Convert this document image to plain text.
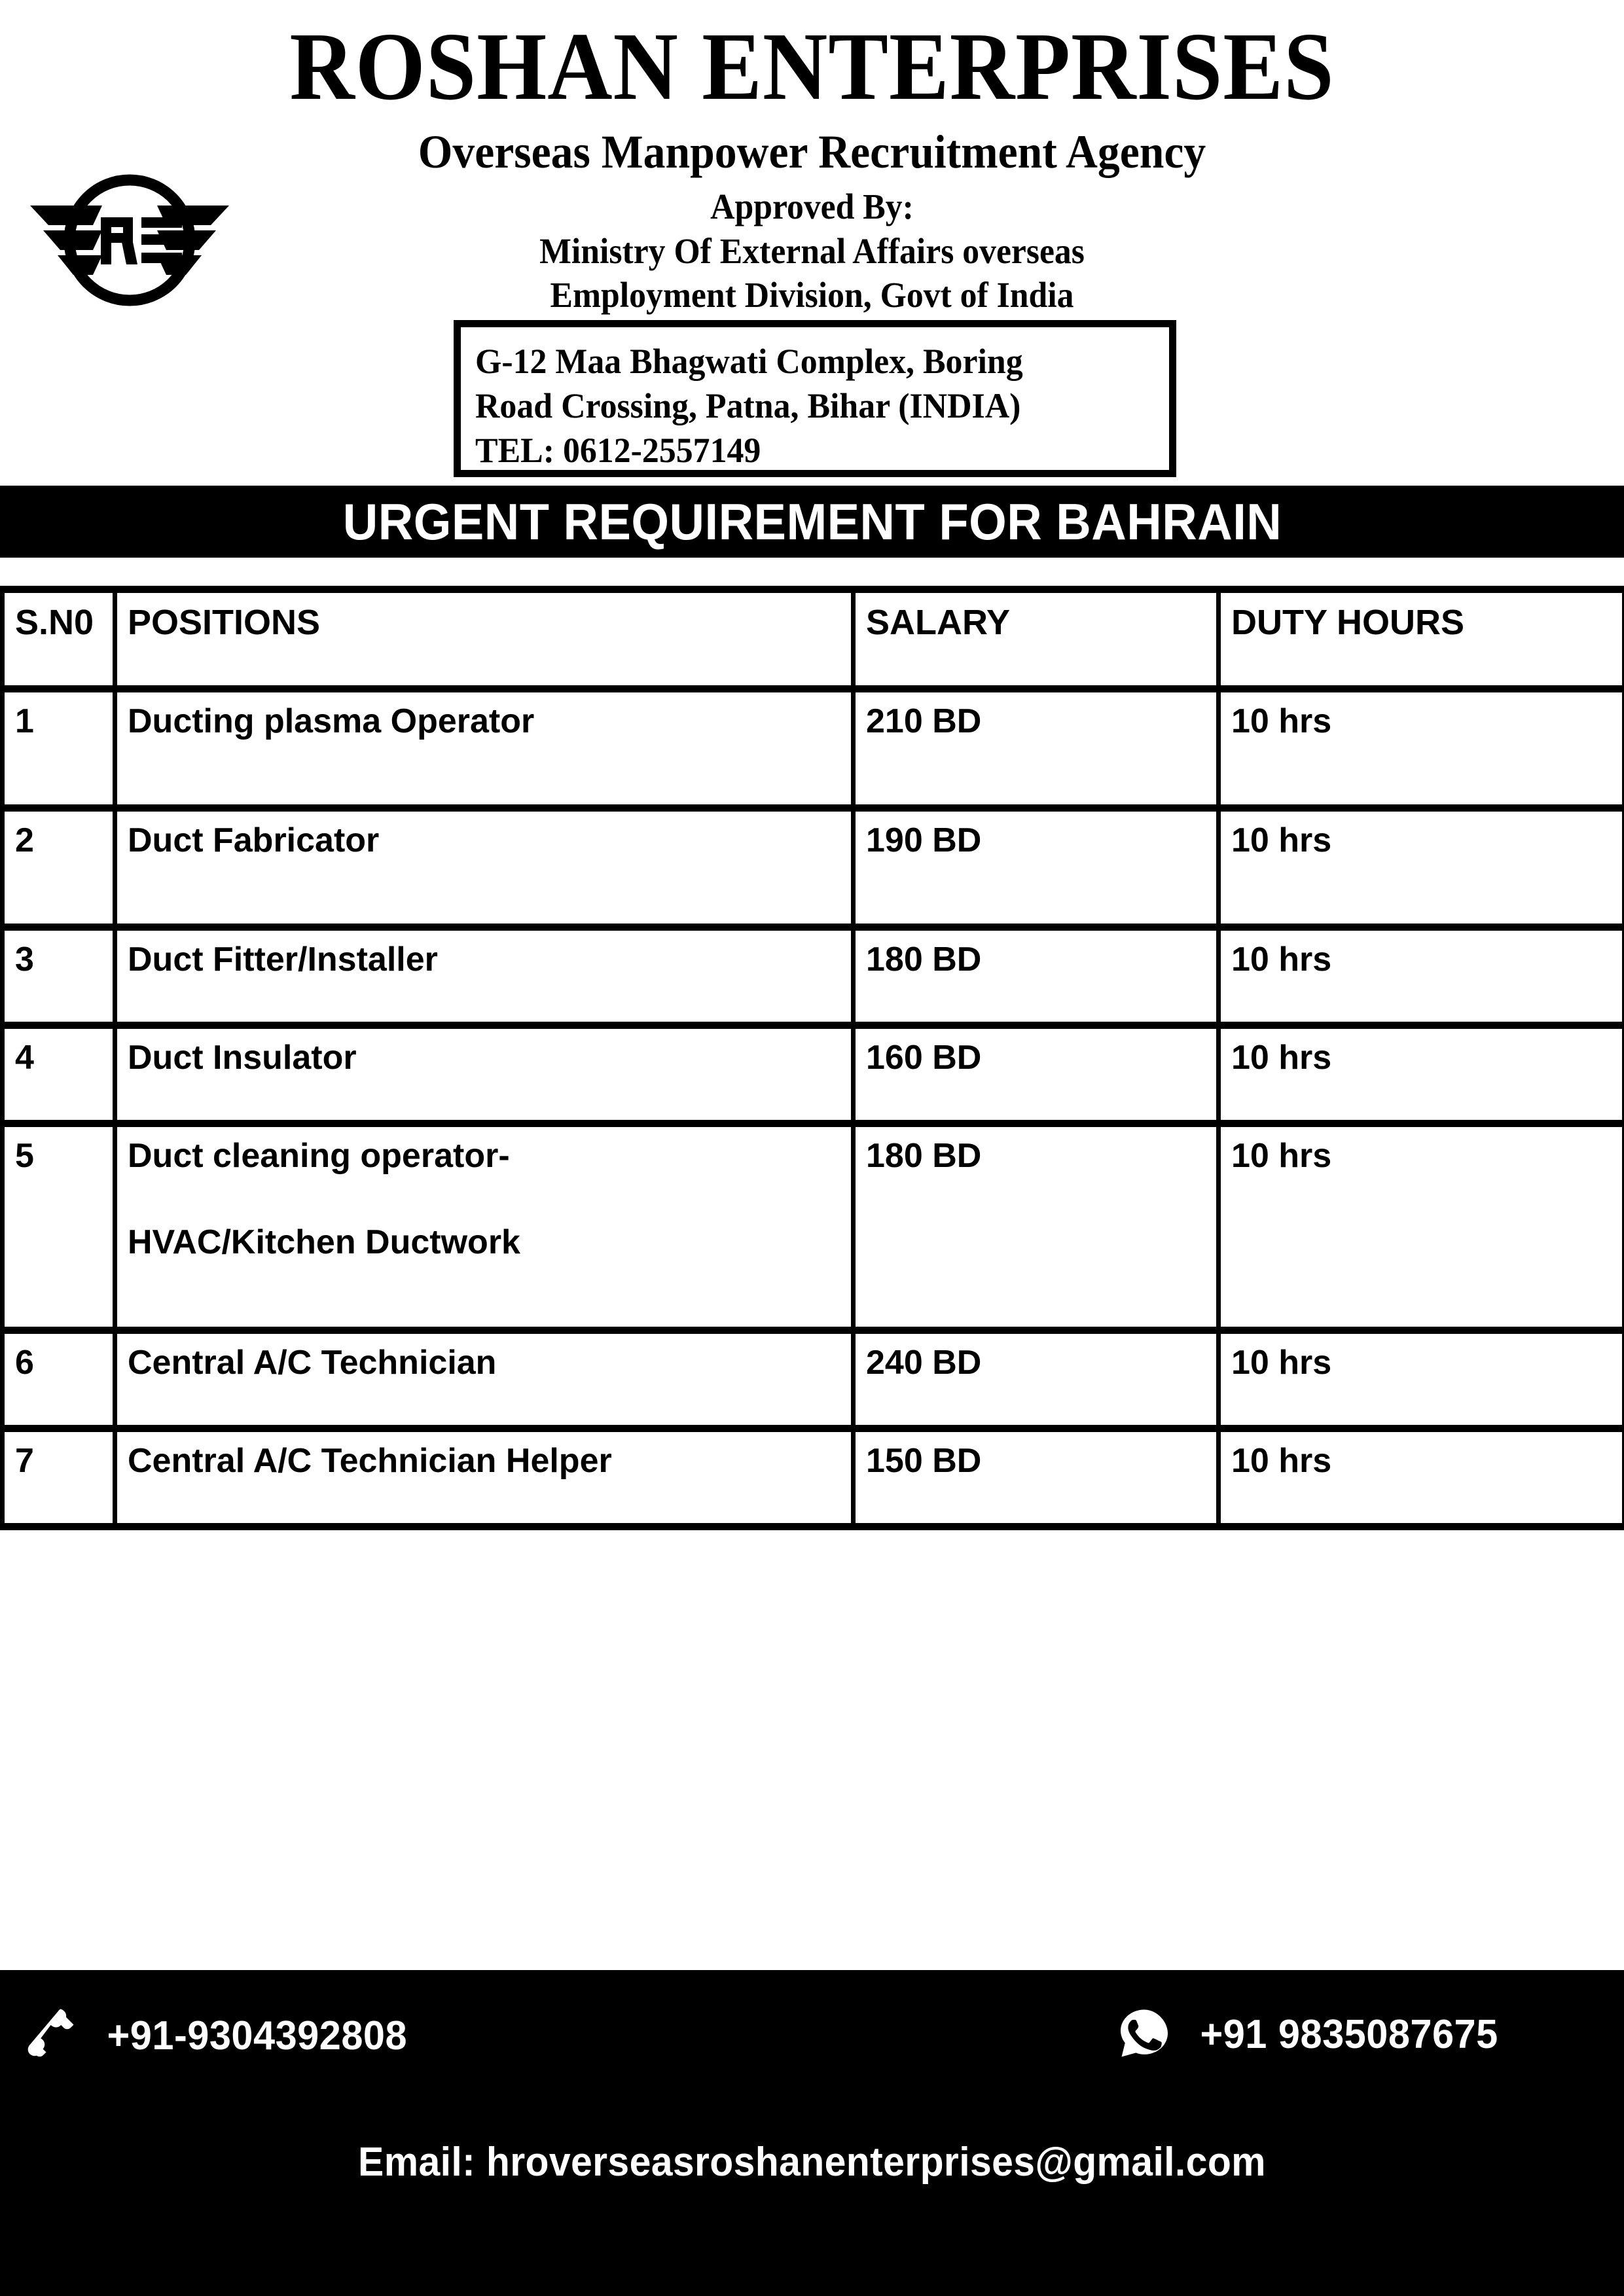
ROSHAN ENTERPRISES
Overseas Manpower Recruitment Agency
Approved By:
Ministry Of External Affairs overseas
Employment Division, Govt of India
G-12 Maa Bhagwati Complex, Boring
Road Crossing, Patna, Bihar (INDIA)
TEL: 0612-2557149
URGENT REQUIREMENT FOR BAHRAIN
S.N0	POSITIONS	SALARY	DUTY HOURS
1	Ducting plasma Operator	210 BD	10 hrs
2	Duct Fabricator	190 BD	10 hrs
3	Duct Fitter/Installer	180 BD	10 hrs
4	Duct Insulator	160 BD	10 hrs
5	Duct cleaning operator-
HVAC/Kitchen Ductwork	180 BD	10 hrs
6	Central A/C Technician	240 BD	10 hrs
7	Central A/C Technician Helper	150 BD	10 hrs
+91-9304392808	+91 9835087675
Email: hroverseasroshanenterprises@gmail.com
